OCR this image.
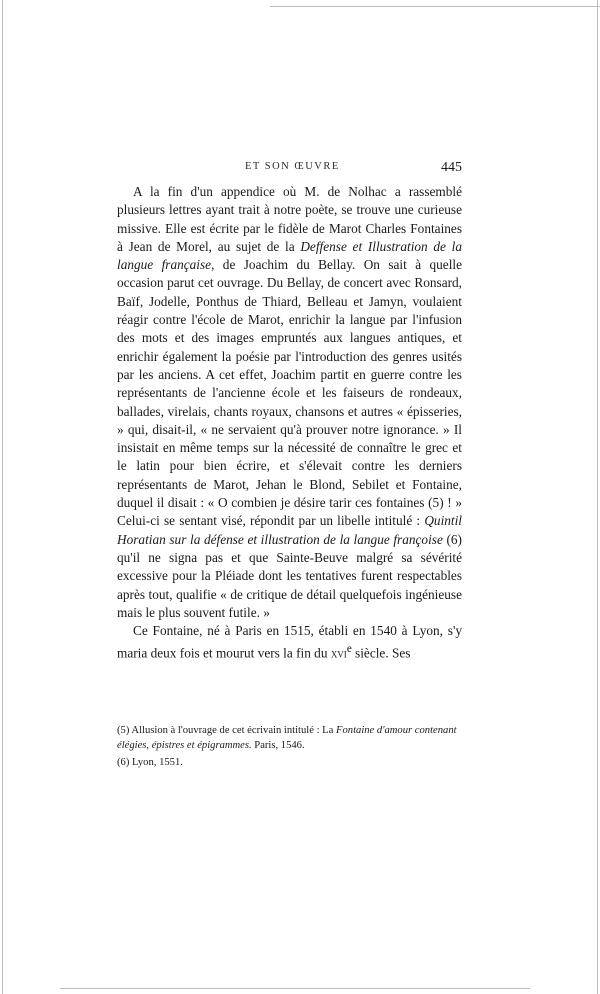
ET SON ŒUVRE	445

A la fin d'un appendice où M. de Nolhac a rassemblé plusieurs lettres ayant trait à notre poète, se trouve une curieuse missive. Elle est écrite par le fidèle de Marot Charles Fontaines à Jean de Morel, au sujet de la Deffense et Illustration de la langue française, de Joachim du Bellay. On sait à quelle occasion parut cet ouvrage. Du Bellay, de concert avec Ronsard, Baïf, Jodelle, Ponthus de Thiard, Belleau et Jamyn, voulaient réagir contre l'école de Marot, enrichir la langue par l'infusion des mots et des images empruntés aux langues antiques, et enrichir également la poésie par l'introduction des genres usités par les anciens. A cet effet, Joachim partit en guerre contre les représentants de l'ancienne école et les faiseurs de rondeaux, ballades, virelais, chants royaux, chansons et autres « épisseries, » qui, disait-il, « ne servaient qu'à prouver notre ignorance. » Il insistait en même temps sur la nécessité de connaître le grec et le latin pour bien écrire, et s'élevait contre les derniers représentants de Marot, Jehan le Blond, Sebilet et Fontaine, duquel il disait : « O combien je désire tarir ces fontaines (5) ! » Celui-ci se sentant visé, répondit par un libelle intitulé : Quintil Horatian sur la défense et illustration de la langue françoise (6) qu'il ne signa pas et que Sainte-Beuve malgré sa sévérité excessive pour la Pléiade dont les tentatives furent respectables après tout, qualifie « de critique de détail quelquefois ingénieuse mais le plus souvent futile. »

Ce Fontaine, né à Paris en 1515, établi en 1540 à Lyon, s'y maria deux fois et mourut vers la fin du xvi$^e$ siècle. Ses

(5) Allusion à l'ouvrage de cet écrivain intitulé : La Fontaine d'amour contenant élégies, épistres et épigrammes. Paris, 1546.

(6) Lyon, 1551.
